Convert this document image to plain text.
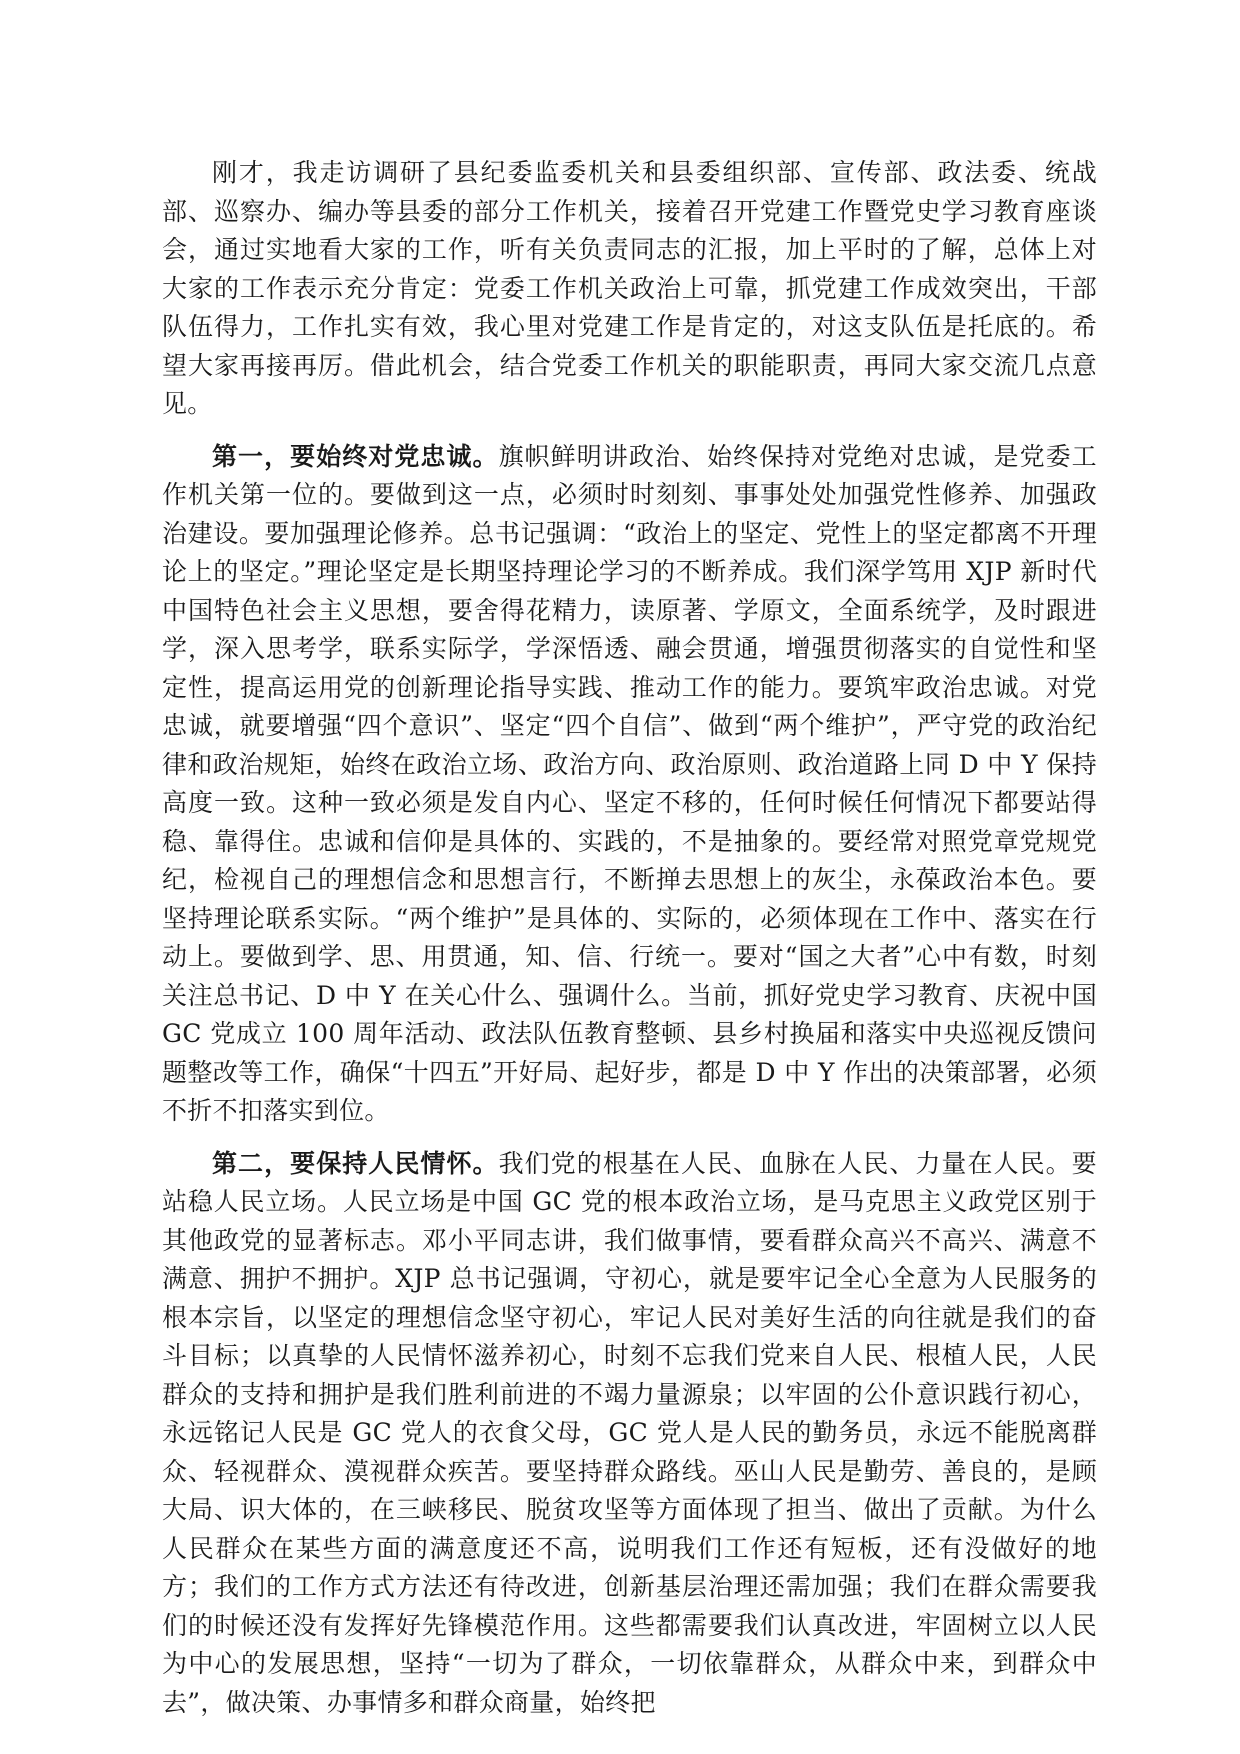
刚才，我走访调研了县纪委监委机关和县委组织部、宣传部、政法委、统战部、巡察办、编办等县委的部分工作机关，接着召开党建工作暨党史学习教育座谈会，通过实地看大家的工作，听有关负责同志的汇报，加上平时的了解，总体上对大家的工作表示充分肯定：党委工作机关政治上可靠，抓党建工作成效突出，干部队伍得力，工作扎实有效，我心里对党建工作是肯定的，对这支队伍是托底的。希望大家再接再厉。借此机会，结合党委工作机关的职能职责，再同大家交流几点意见。

第一，要始终对党忠诚。旗帜鲜明讲政治、始终保持对党绝对忠诚，是党委工作机关第一位的。要做到这一点，必须时时刻刻、事事处处加强党性修养、加强政治建设。要加强理论修养。总书记强调：“政治上的坚定、党性上的坚定都离不开理论上的坚定。”理论坚定是长期坚持理论学习的不断养成。我们深学笃用 XJP 新时代中国特色社会主义思想，要舍得花精力，读原著、学原文，全面系统学，及时跟进学，深入思考学，联系实际学，学深悟透、融会贯通，增强贯彻落实的自觉性和坚定性，提高运用党的创新理论指导实践、推动工作的能力。要筑牢政治忠诚。对党忠诚，就要增强“四个意识”、坚定“四个自信”、做到“两个维护”，严守党的政治纪律和政治规矩，始终在政治立场、政治方向、政治原则、政治道路上同 D 中 Y 保持高度一致。这种一致必须是发自内心、坚定不移的，任何时候任何情况下都要站得稳、靠得住。忠诚和信仰是具体的、实践的，不是抽象的。要经常对照党章党规党纪，检视自己的理想信念和思想言行，不断掸去思想上的灰尘，永葆政治本色。要坚持理论联系实际。“两个维护”是具体的、实际的，必须体现在工作中、落实在行动上。要做到学、思、用贯通，知、信、行统一。要对“国之大者”心中有数，时刻关注总书记、D 中 Y 在关心什么、强调什么。当前，抓好党史学习教育、庆祝中国 GC 党成立 100 周年活动、政法队伍教育整顿、县乡村换届和落实中央巡视反馈问题整改等工作，确保“十四五”开好局、起好步，都是 D 中 Y 作出的决策部署，必须不折不扣落实到位。

第二，要保持人民情怀。我们党的根基在人民、血脉在人民、力量在人民。要站稳人民立场。人民立场是中国 GC 党的根本政治立场，是马克思主义政党区别于其他政党的显著标志。邓小平同志讲，我们做事情，要看群众高兴不高兴、满意不满意、拥护不拥护。XJP 总书记强调，守初心，就是要牢记全心全意为人民服务的根本宗旨，以坚定的理想信念坚守初心，牢记人民对美好生活的向往就是我们的奋斗目标；以真挚的人民情怀滋养初心，时刻不忘我们党来自人民、根植人民，人民群众的支持和拥护是我们胜利前进的不竭力量源泉；以牢固的公仆意识践行初心，永远铭记人民是 GC 党人的衣食父母，GC 党人是人民的勤务员，永远不能脱离群众、轻视群众、漠视群众疾苦。要坚持群众路线。巫山人民是勤劳、善良的，是顾大局、识大体的，在三峡移民、脱贫攻坚等方面体现了担当、做出了贡献。为什么人民群众在某些方面的满意度还不高，说明我们工作还有短板，还有没做好的地方；我们的工作方式方法还有待改进，创新基层治理还需加强；我们在群众需要我们的时候还没有发挥好先锋模范作用。这些都需要我们认真改进，牢固树立以人民为中心的发展思想，坚持“一切为了群众，一切依靠群众，从群众中来，到群众中去”，做决策、办事情多和群众商量，始终把
